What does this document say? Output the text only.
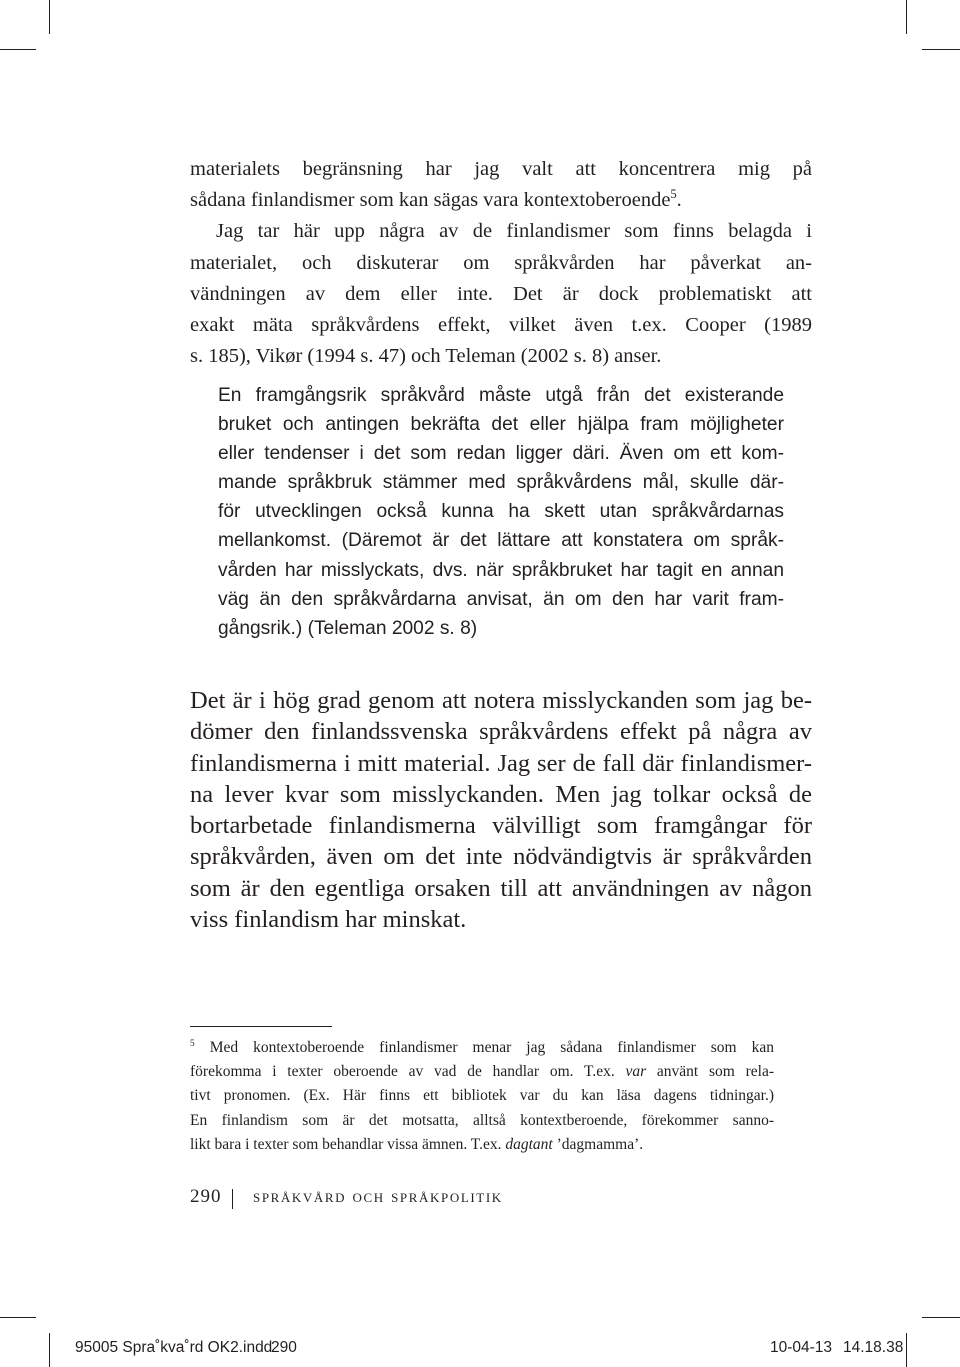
materialets begränsning har jag valt att koncentrera mig på
sådana finlandismer som kan sägas vara kontextoberoende$^5$.
Jag tar här upp några av de finlandismer som finns belagda i
materialet, och diskuterar om språkvården har påverkat an-
vändningen av dem eller inte. Det är dock problematiskt att
exakt mäta språkvårdens effekt, vilket även t.ex. Cooper (1989
s. 185), Vikør (1994 s. 47) och Teleman (2002 s. 8) anser.
En framgångsrik språkvård måste utgå från det existerande
bruket och antingen bekräfta det eller hjälpa fram möjligheter
eller tendenser i det som redan ligger däri. Även om ett kom-
mande språkbruk stämmer med språkvårdens mål, skulle där-
för utvecklingen också kunna ha skett utan språkvårdarnas
mellankomst. (Däremot är det lättare att konstatera om språk-
vården har misslyckats, dvs. när språkbruket har tagit en annan
väg än den språkvårdarna anvisat, än om den har varit fram-
gångsrik.) (Teleman 2002 s. 8)
Det är i hög grad genom att notera misslyckanden som jag be-
dömer den finlandssvenska språkvårdens effekt på några av
finlandismerna i mitt material. Jag ser de fall där finlandismer-
na lever kvar som misslyckanden. Men jag tolkar också de
bortarbetade finlandismerna välvilligt som framgångar för
språkvården, även om det inte nödvändigtvis är språkvården
som är den egentliga orsaken till att användningen av någon
viss finlandism har minskat.
$^5$ Med kontextoberoende finlandismer menar jag sådana finlandismer som kan
förekomma i texter oberoende av vad de handlar om. T.ex. var använt som rela-
tivt pronomen. (Ex. Här finns ett bibliotek var du kan läsa dagens tidningar.)
En finlandism som är det motsatta, alltså kontextberoende, förekommer sanno-
likt bara i texter som behandlar vissa ämnen. T.ex. dagtant ’dagmamma’.
290 språkvård och språkpolitik
95005 Spra˚kva˚rd OK2.indd
290	10-04-13 14.18.38
